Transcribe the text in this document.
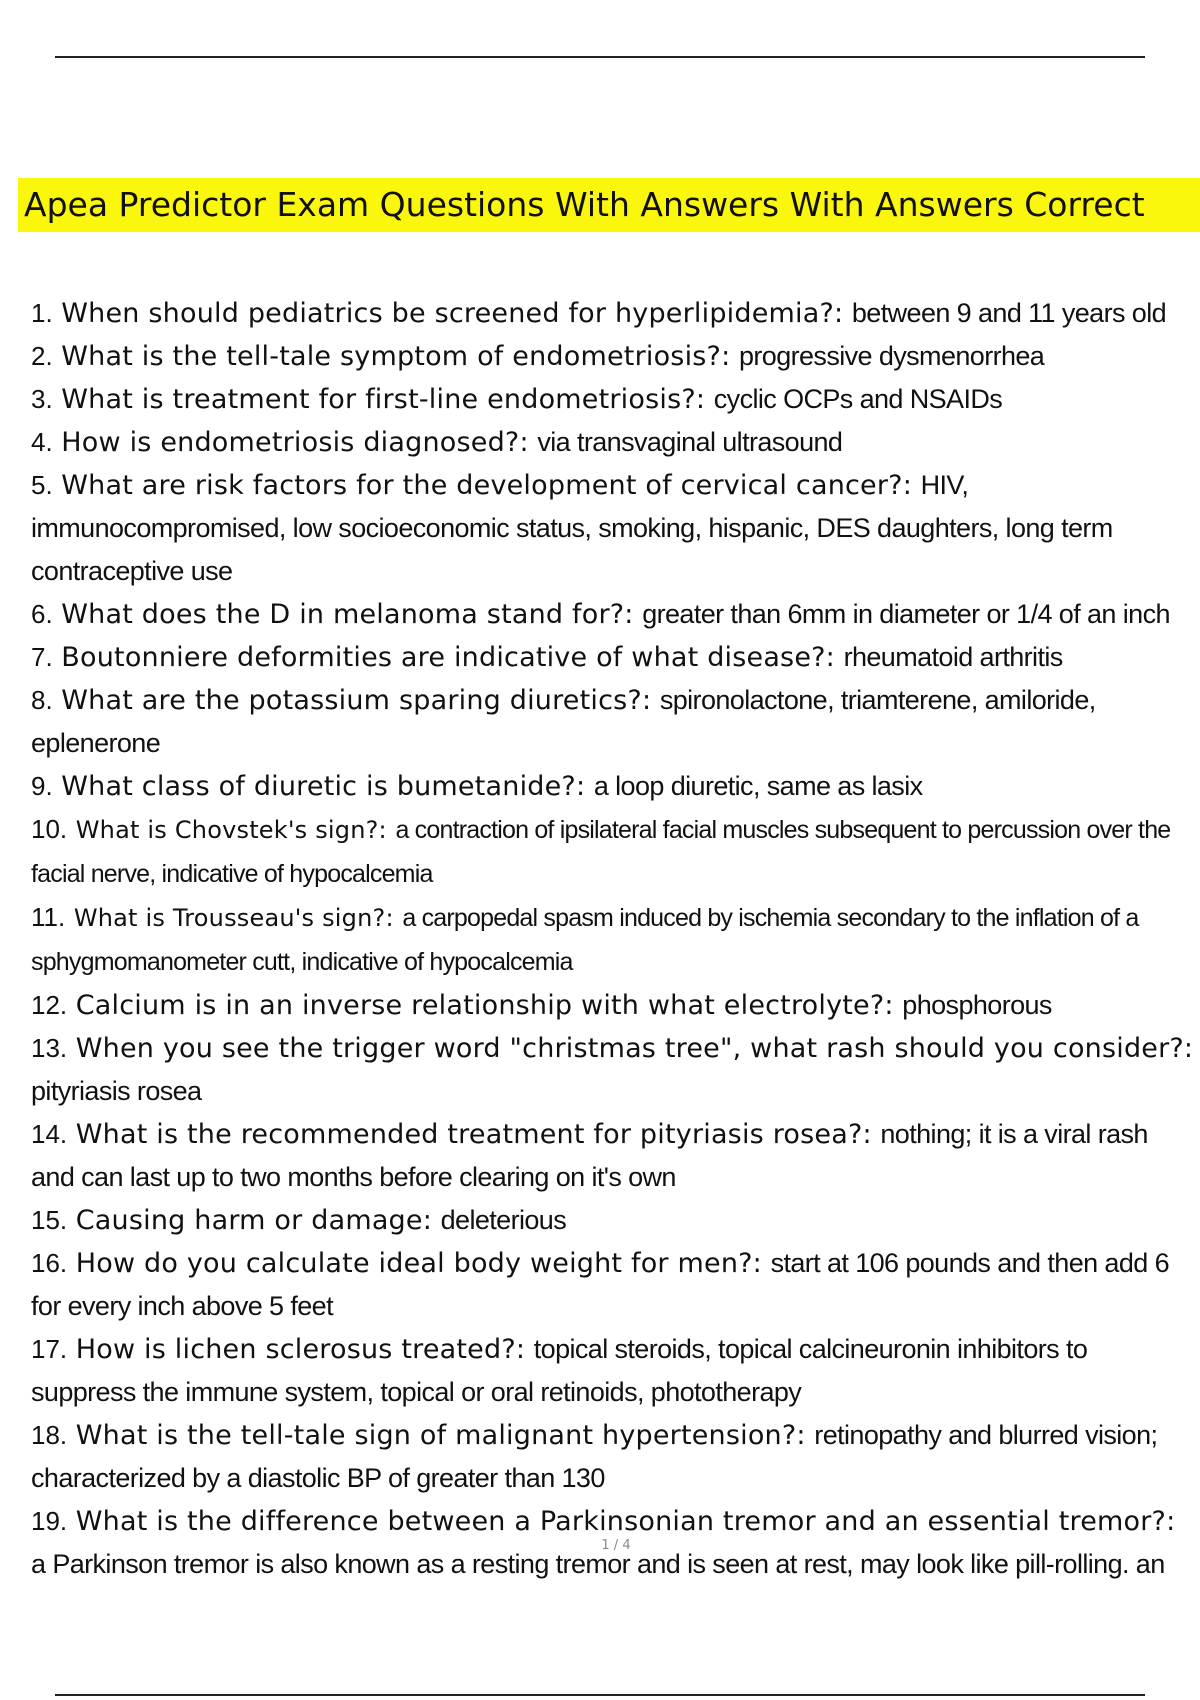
Apea Predictor Exam Questions With Answers With Answers Correct
1. When should pediatrics be screened for hyperlipidemia?: between 9 and 11 years old
2. What is the tell-tale symptom of endometriosis?: progressive dysmenorrhea
3. What is treatment for first-line endometriosis?: cyclic OCPs and NSAIDs
4. How is endometriosis diagnosed?: via transvaginal ultrasound
5. What are risk factors for the development of cervical cancer?: HIV, immunocompromised, low socioeconomic status, smoking, hispanic, DES daughters, long term contraceptive use
6. What does the D in melanoma stand for?: greater than 6mm in diameter or 1/4 of an inch
7. Boutonniere deformities are indicative of what disease?: rheumatoid arthritis
8. What are the potassium sparing diuretics?: spironolactone, triamterene, amiloride, eplenerone
9. What class of diuretic is bumetanide?: a loop diuretic, same as lasix
10. What is Chovstek's sign?: a contraction of ipsilateral facial muscles subsequent to percussion over the facial nerve, indicative of hypocalcemia
11. What is Trousseau's sign?: a carpopedal spasm induced by ischemia secondary to the inflation of a sphygmomanometer cutt, indicative of hypocalcemia
12. Calcium is in an inverse relationship with what electrolyte?: phosphorous
13. When you see the trigger word "christmas tree", what rash should you consider?: pityriasis rosea
14. What is the recommended treatment for pityriasis rosea?: nothing; it is a viral rash and can last up to two months before clearing on it's own
15. Causing harm or damage: deleterious
16. How do you calculate ideal body weight for men?: start at 106 pounds and then add 6 for every inch above 5 feet
17. How is lichen sclerosus treated?: topical steroids, topical calcineuronin inhibitors to suppress the immune system, topical or oral retinoids, phototherapy
18. What is the tell-tale sign of malignant hypertension?: retinopathy and blurred vision; characterized by a diastolic BP of greater than 130
19. What is the difference between a Parkinsonian tremor and an essential tremor?: a Parkinson tremor is also known as a resting tremor and is seen at rest, may look like pill-rolling. an
1 / 4
